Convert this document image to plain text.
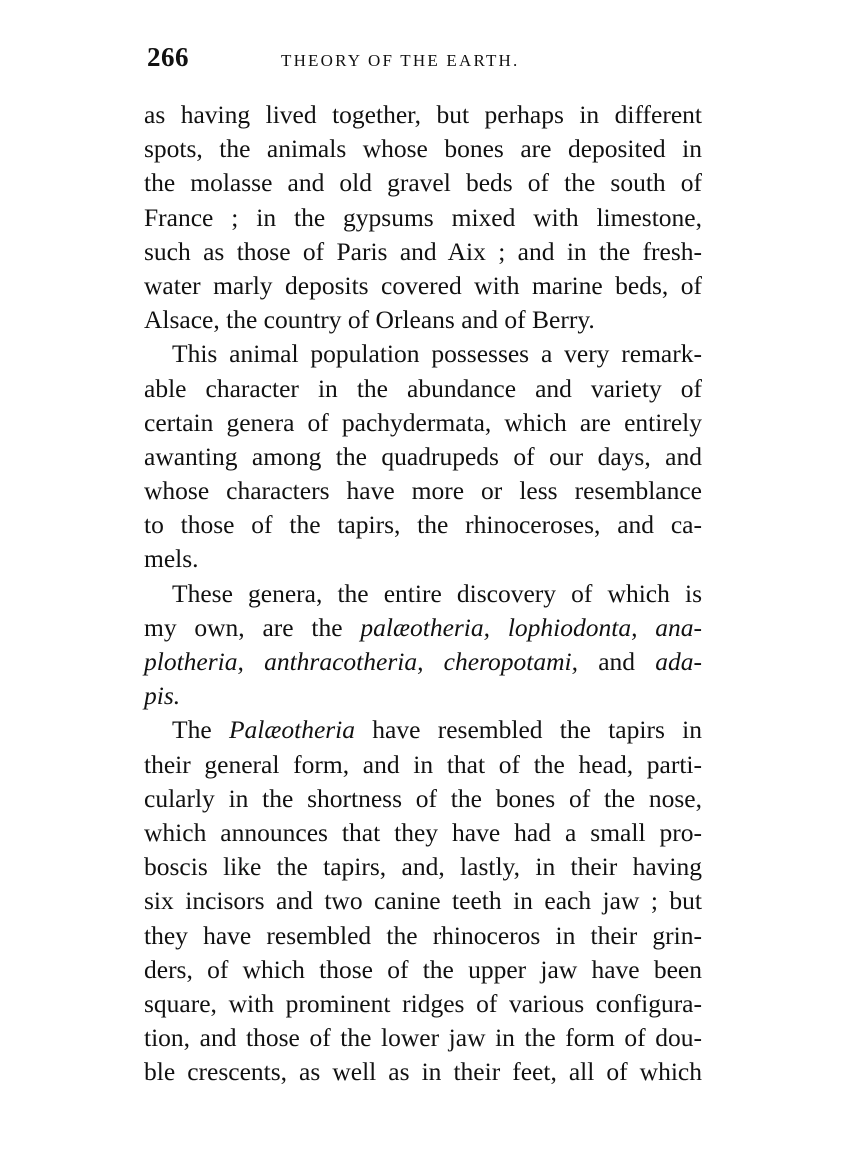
266	THEORY OF THE EARTH.
as having lived together, but perhaps in different
spots, the animals whose bones are deposited in
the molasse and old gravel beds of the south of
France ; in the gypsums mixed with limestone,
such as those of Paris and Aix ; and in the fresh-
water marly deposits covered with marine beds, of
Alsace, the country of Orleans and of Berry.
This animal population possesses a very remark-
able character in the abundance and variety of
certain genera of pachydermata, which are entirely
awanting among the quadrupeds of our days, and
whose characters have more or less resemblance
to those of the tapirs, the rhinoceroses, and ca-
mels.
These genera, the entire discovery of which is
my own, are the palæotheria, lophiodonta, ana-
plotheria, anthracotheria, cheropotami, and ada-
pis.
The Palæotheria have resembled the tapirs in
their general form, and in that of the head, parti-
cularly in the shortness of the bones of the nose,
which announces that they have had a small pro-
boscis like the tapirs, and, lastly, in their having
six incisors and two canine teeth in each jaw ; but
they have resembled the rhinoceros in their grin-
ders, of which those of the upper jaw have been
square, with prominent ridges of various configura-
tion, and those of the lower jaw in the form of dou-
ble crescents, as well as in their feet, all of which
